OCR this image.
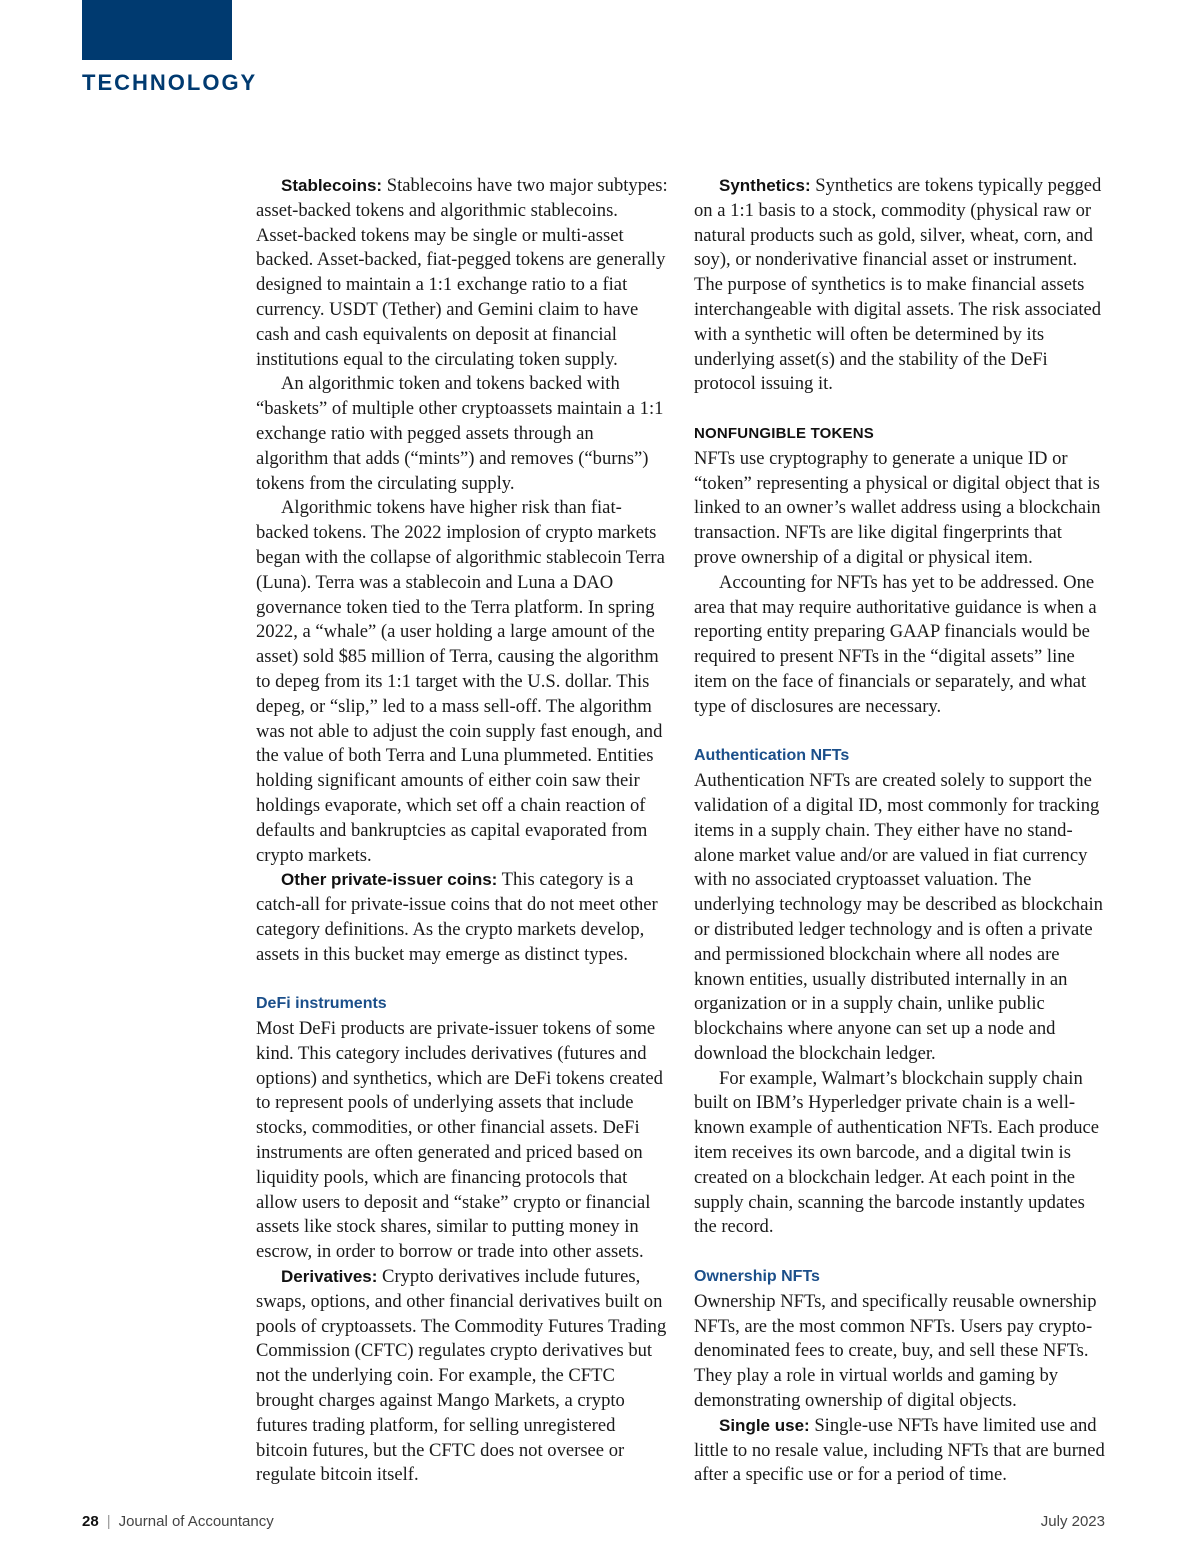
TECHNOLOGY

Stablecoins: Stablecoins have two major subtypes: asset-backed tokens and algorithmic stablecoins. Asset-backed tokens may be single or multi-asset backed. Asset-backed, fiat-pegged tokens are generally designed to maintain a 1:1 exchange ratio to a fiat currency. USDT (Tether) and Gemini claim to have cash and cash equivalents on deposit at financial institutions equal to the circulating token supply.

An algorithmic token and tokens backed with “baskets” of multiple other cryptoassets maintain a 1:1 exchange ratio with pegged assets through an algorithm that adds (“mints”) and removes (“burns”) tokens from the circulating supply.

Algorithmic tokens have higher risk than fiat-backed tokens. The 2022 implosion of crypto markets began with the collapse of algorithmic stablecoin Terra (Luna). Terra was a stablecoin and Luna a DAO governance token tied to the Terra platform. In spring 2022, a “whale” (a user holding a large amount of the asset) sold $85 million of Terra, causing the algorithm to depeg from its 1:1 target with the U.S. dollar. This depeg, or “slip,” led to a mass sell-off. The algorithm was not able to adjust the coin supply fast enough, and the value of both Terra and Luna plummeted. Entities holding significant amounts of either coin saw their holdings evaporate, which set off a chain reaction of defaults and bankruptcies as capital evaporated from crypto markets.

Other private-issuer coins: This category is a catch-all for private-issue coins that do not meet other category definitions. As the crypto markets develop, assets in this bucket may emerge as distinct types.

DeFi instruments

Most DeFi products are private-issuer tokens of some kind. This category includes derivatives (futures and options) and synthetics, which are DeFi tokens created to represent pools of underlying assets that include stocks, commodities, or other financial assets. DeFi instruments are often generated and priced based on liquidity pools, which are financing protocols that allow users to deposit and “stake” crypto or financial assets like stock shares, similar to putting money in escrow, in order to borrow or trade into other assets.

Derivatives: Crypto derivatives include futures, swaps, options, and other financial derivatives built on pools of cryptoassets. The Commodity Futures Trading Commission (CFTC) regulates crypto derivatives but not the underlying coin. For example, the CFTC brought charges against Mango Markets, a crypto futures trading platform, for selling unregistered bitcoin futures, but the CFTC does not oversee or regulate bitcoin itself.

Synthetics: Synthetics are tokens typically pegged on a 1:1 basis to a stock, commodity (physical raw or natural products such as gold, silver, wheat, corn, and soy), or nonderivative financial asset or instrument. The purpose of synthetics is to make financial assets interchangeable with digital assets. The risk associated with a synthetic will often be determined by its underlying asset(s) and the stability of the DeFi protocol issuing it.

NONFUNGIBLE TOKENS

NFTs use cryptography to generate a unique ID or “token” representing a physical or digital object that is linked to an owner’s wallet address using a blockchain transaction. NFTs are like digital fingerprints that prove ownership of a digital or physical item.

Accounting for NFTs has yet to be addressed. One area that may require authoritative guidance is when a reporting entity preparing GAAP financials would be required to present NFTs in the “digital assets” line item on the face of financials or separately, and what type of disclosures are necessary.

Authentication NFTs

Authentication NFTs are created solely to support the validation of a digital ID, most commonly for tracking items in a supply chain. They either have no stand-alone market value and/or are valued in fiat currency with no associated cryptoasset valuation. The underlying technology may be described as blockchain or distributed ledger technology and is often a private and permissioned blockchain where all nodes are known entities, usually distributed internally in an organization or in a supply chain, unlike public blockchains where anyone can set up a node and download the blockchain ledger.

For example, Walmart’s blockchain supply chain built on IBM’s Hyperledger private chain is a well-known example of authentication NFTs. Each produce item receives its own barcode, and a digital twin is created on a blockchain ledger. At each point in the supply chain, scanning the barcode instantly updates the record.

Ownership NFTs

Ownership NFTs, and specifically reusable ownership NFTs, are the most common NFTs. Users pay crypto-denominated fees to create, buy, and sell these NFTs. They play a role in virtual worlds and gaming by demonstrating ownership of digital objects.

Single use: Single-use NFTs have limited use and little to no resale value, including NFTs that are burned after a specific use or for a period of time.

28 | Journal of Accountancy	July 2023
